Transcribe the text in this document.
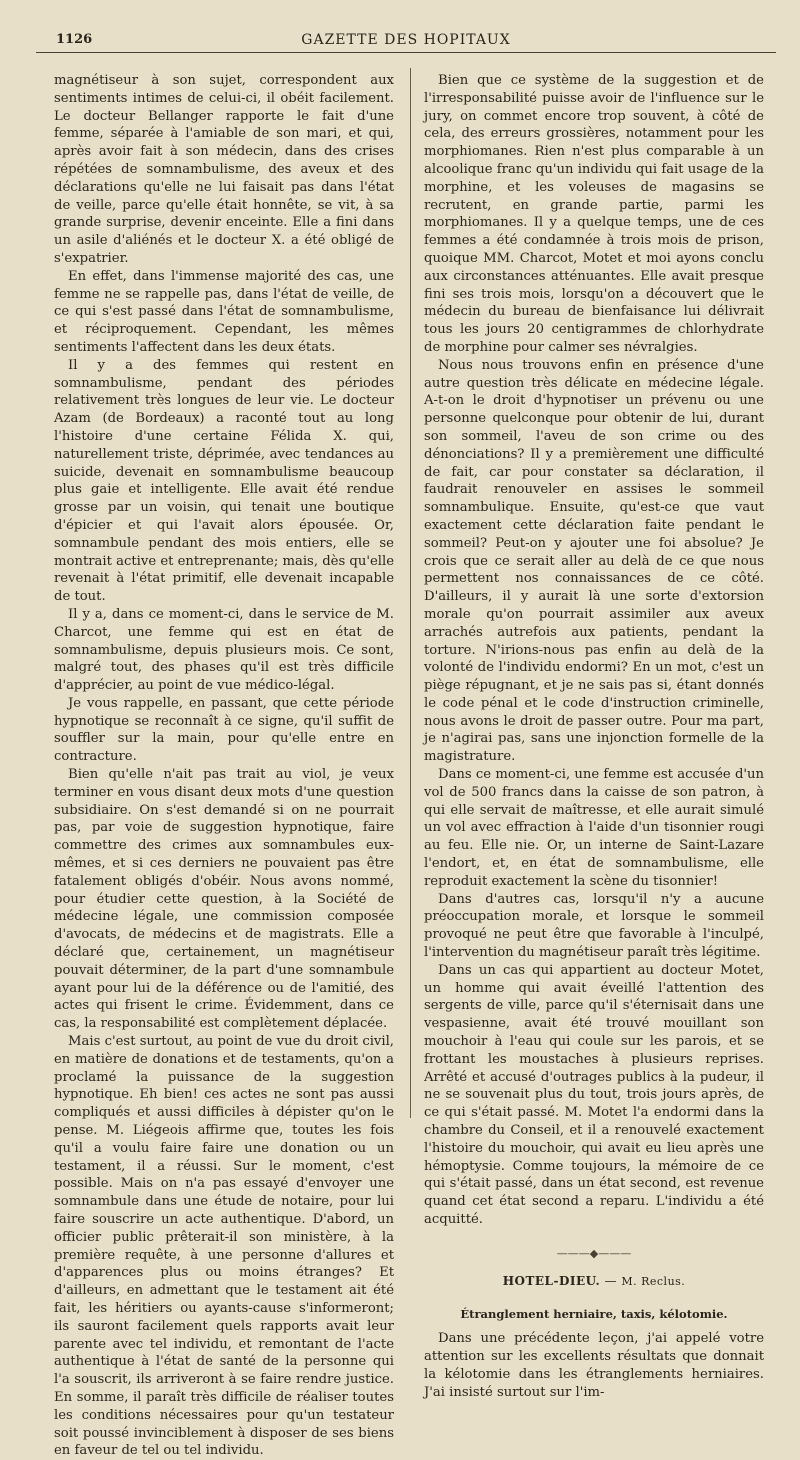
1126	GAZETTE DES HOPITAUX

magnétiseur à son sujet, correspondent aux sentiments intimes de celui-ci, il obéit facilement. Le docteur Bellanger rapporte le fait d'une femme, séparée à l'amiable de son mari, et qui, après avoir fait à son médecin, dans des crises répétées de somnambulisme, des aveux et des déclarations qu'elle ne lui faisait pas dans l'état de veille, parce qu'elle était honnête, se vit, à sa grande surprise, devenir enceinte. Elle a fini dans un asile d'aliénés et le docteur X. a été obligé de s'expatrier.

En effet, dans l'immense majorité des cas, une femme ne se rappelle pas, dans l'état de veille, de ce qui s'est passé dans l'état de somnambulisme, et réciproquement. Cependant, les mêmes sentiments l'affectent dans les deux états.

Il y a des femmes qui restent en somnambulisme, pendant des périodes relativement très longues de leur vie. Le docteur Azam (de Bordeaux) a raconté tout au long l'histoire d'une certaine Félida X. qui, naturellement triste, déprimée, avec tendances au suicide, devenait en somnambulisme beaucoup plus gaie et intelligente. Elle avait été rendue grosse par un voisin, qui tenait une boutique d'épicier et qui l'avait alors épousée. Or, somnambule pendant des mois entiers, elle se montrait active et entreprenante; mais, dès qu'elle revenait à l'état primitif, elle devenait incapable de tout.

Il y a, dans ce moment-ci, dans le service de M. Charcot, une femme qui est en état de somnambulisme, depuis plusieurs mois. Ce sont, malgré tout, des phases qu'il est très difficile d'apprécier, au point de vue médico-légal.

Je vous rappelle, en passant, que cette période hypnotique se reconnaît à ce signe, qu'il suffit de souffler sur la main, pour qu'elle entre en contracture.

Bien qu'elle n'ait pas trait au viol, je veux terminer en vous disant deux mots d'une question subsidiaire. On s'est demandé si on ne pourrait pas, par voie de suggestion hypnotique, faire commettre des crimes aux somnambules eux-mêmes, et si ces derniers ne pouvaient pas être fatalement obligés d'obéir. Nous avons nommé, pour étudier cette question, à la Société de médecine légale, une commission composée d'avocats, de médecins et de magistrats. Elle a déclaré que, certainement, un magnétiseur pouvait déterminer, de la part d'une somnambule ayant pour lui de la déférence ou de l'amitié, des actes qui frisent le crime. Évidemment, dans ce cas, la responsabilité est complètement déplacée.

Mais c'est surtout, au point de vue du droit civil, en matière de donations et de testaments, qu'on a proclamé la puissance de la suggestion hypnotique. Eh bien! ces actes ne sont pas aussi compliqués et aussi difficiles à dépister qu'on le pense. M. Liégeois affirme que, toutes les fois qu'il a voulu faire faire une donation ou un testament, il a réussi. Sur le moment, c'est possible. Mais on n'a pas essayé d'envoyer une somnambule dans une étude de notaire, pour lui faire souscrire un acte authentique. D'abord, un officier public prêterait-il son ministère, à la première requête, à une personne d'allures et d'apparences plus ou moins étranges? Et d'ailleurs, en admettant que le testament ait été fait, les héritiers ou ayants-cause s'informeront; ils sauront facilement quels rapports avait leur parente avec tel individu, et remontant de l'acte authentique à l'état de santé de la personne qui l'a souscrit, ils arriveront à se faire rendre justice. En somme, il paraît très difficile de réaliser toutes les conditions nécessaires pour qu'un testateur soit poussé invinciblement à disposer de ses biens en faveur de tel ou tel individu.

Bien que ce système de la suggestion et de l'irresponsabilité puisse avoir de l'influence sur le jury, on commet encore trop souvent, à côté de cela, des erreurs grossières, notamment pour les morphiomanes. Rien n'est plus comparable à un alcoolique franc qu'un individu qui fait usage de la morphine, et les voleuses de magasins se recrutent, en grande partie, parmi les morphiomanes. Il y a quelque temps, une de ces femmes a été condamnée à trois mois de prison, quoique MM. Charcot, Motet et moi ayons conclu aux circonstances atténuantes. Elle avait presque fini ses trois mois, lorsqu'on a découvert que le médecin du bureau de bienfaisance lui délivrait tous les jours 20 centigrammes de chlorhydrate de morphine pour calmer ses névralgies.

Nous nous trouvons enfin en présence d'une autre question très délicate en médecine légale. A-t-on le droit d'hypnotiser un prévenu ou une personne quelconque pour obtenir de lui, durant son sommeil, l'aveu de son crime ou des dénonciations? Il y a premièrement une difficulté de fait, car pour constater sa déclaration, il faudrait renouveler en assises le sommeil somnambulique. Ensuite, qu'est-ce que vaut exactement cette déclaration faite pendant le sommeil? Peut-on y ajouter une foi absolue? Je crois que ce serait aller au delà de ce que nous permettent nos connaissances de ce côté. D'ailleurs, il y aurait là une sorte d'extorsion morale qu'on pourrait assimiler aux aveux arrachés autrefois aux patients, pendant la torture. N'irions-nous pas enfin au delà de la volonté de l'individu endormi? En un mot, c'est un piège répugnant, et je ne sais pas si, étant donnés le code pénal et le code d'instruction criminelle, nous avons le droit de passer outre. Pour ma part, je n'agirai pas, sans une injonction formelle de la magistrature.

Dans ce moment-ci, une femme est accusée d'un vol de 500 francs dans la caisse de son patron, à qui elle servait de maîtresse, et elle aurait simulé un vol avec effraction à l'aide d'un tisonnier rougi au feu. Elle nie. Or, un interne de Saint-Lazare l'endort, et, en état de somnambulisme, elle reproduit exactement la scène du tisonnier!

Dans d'autres cas, lorsqu'il n'y a aucune préoccupation morale, et lorsque le sommeil provoqué ne peut être que favorable à l'inculpé, l'intervention du magnétiseur paraît très légitime.

Dans un cas qui appartient au docteur Motet, un homme qui avait éveillé l'attention des sergents de ville, parce qu'il s'éternisait dans une vespasienne, avait été trouvé mouillant son mouchoir à l'eau qui coule sur les parois, et se frottant les moustaches à plusieurs reprises. Arrêté et accusé d'outrages publics à la pudeur, il ne se souvenait plus du tout, trois jours après, de ce qui s'était passé. M. Motet l'a endormi dans la chambre du Conseil, et il a renouvelé exactement l'histoire du mouchoir, qui avait eu lieu après une hémoptysie. Comme toujours, la mémoire de ce qui s'était passé, dans un état second, est revenue quand cet état second a reparu. L'individu a été acquitté.

———◆———
HOTEL-DIEU. — M. Reclus.
Étranglement herniaire, taxis, kélotomie.

Dans une précédente leçon, j'ai appelé votre attention sur les excellents résultats que donnait la kélotomie dans les étranglements herniaires. J'ai insisté surtout sur l'im-
